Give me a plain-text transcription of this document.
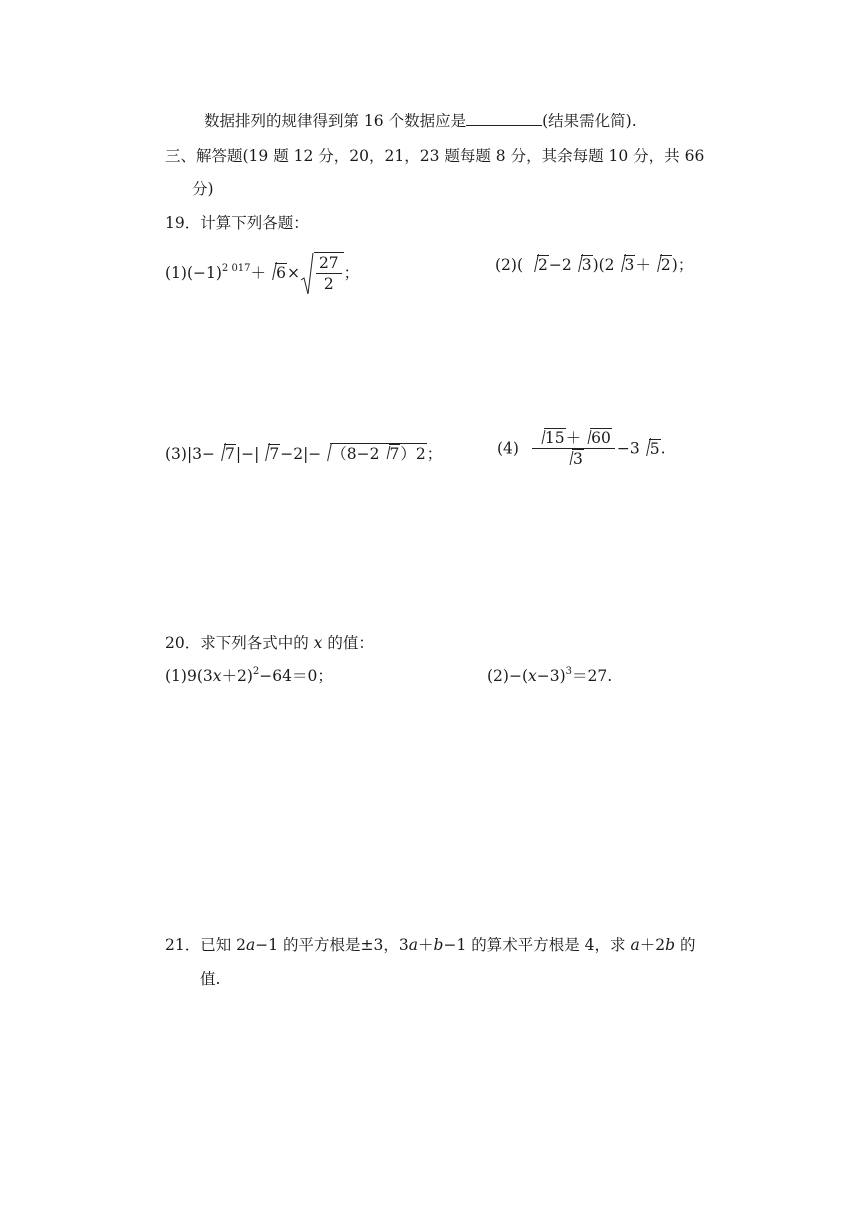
数据排列的规律得到第 16 个数据应是	(结果需化简).
三、解答题(19 题 12 分，20，21，23 题每题 8 分，其余每题 10 分，共 66
分)
19．计算下列各题：
$(1)(-1)^{2 017}+ 6\times \frac{27}{2}$ ；	(2)( 2−2 3)(2 3＋ 2)；
(3)|3− 7|−| 7−2|− （8−2 7）2；	$(4) \frac{15+ 60}{3} -3$ 5.
20．求下列各式中的 x 的值：
$(1)9(3x+2)^2-64=0$；	$(2)-(x-3)^3=27$.
21．已知 2a−1 的平方根是±3，3a＋b−1 的算术平方根是 4，求 a＋2b 的
值.
